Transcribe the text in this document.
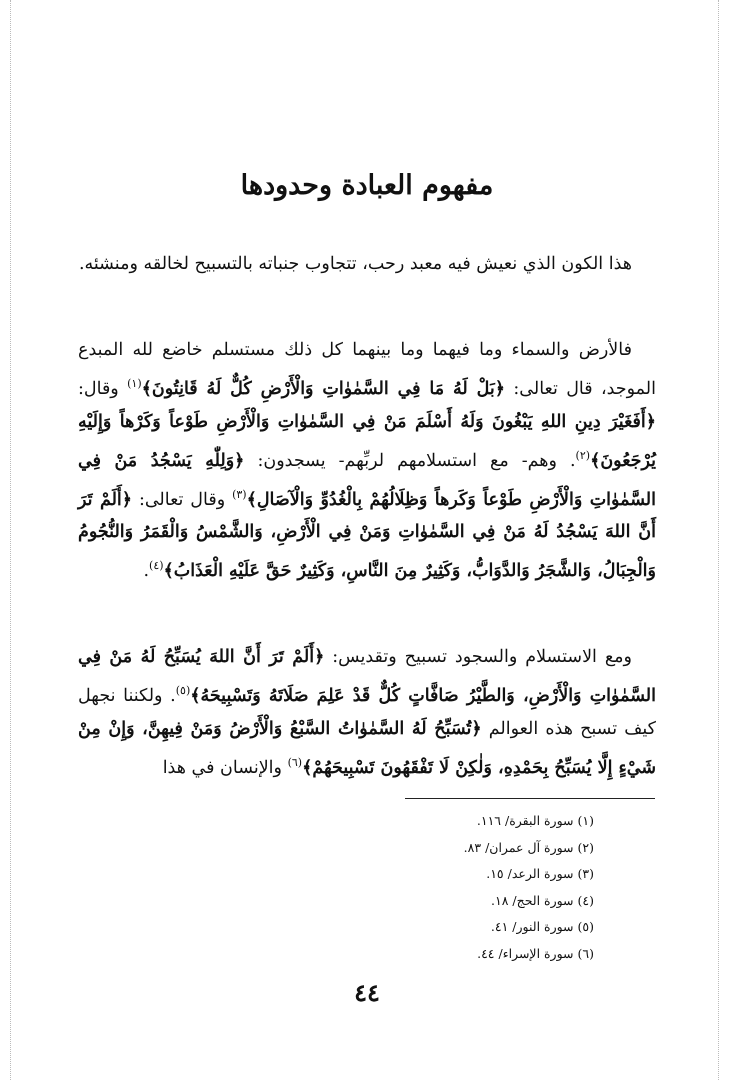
مفهوم العبادة وحدودها

هذا الكون الذي نعيش فيه معبد رحب، تتجاوب جنباته بالتسبيح لخالقه ومنشئه.

فالأرض والسماء وما فيهما وما بينهما كل ذلك مستسلم خاضع لله المبدع الموجد، قال تعالى: ﴿بَلْ لَهُ مَا فِي السَّمٰوٰاتِ وَالْأَرْضِ كُلٌّ لَهُ قَانِتُونَ﴾$^{(١)}$ وقال: ﴿أَفَغَيْرَ دِينِ اللهِ يَبْغُونَ وَلَهُ أَسْلَمَ مَنْ فِي السَّمٰوٰاتِ وَالْأَرْضِ طَوْعاً وَكَرْهاً وَإِلَيْهِ يُرْجَعُونَ﴾$^{(٢)}$. وهم- مع استسلامهم لربِّهم- يسجدون: ﴿وَلِلّٰهِ يَسْجُدُ مَنْ فِي السَّمٰوٰاتِ وَالْأَرْضِ طَوْعاً وَكَرهاً وَظِلَالُهُمْ بِالْغُدُوِّ وَالْآصَالِ﴾$^{(٣)}$ وقال تعالى: ﴿أَلَمْ تَرَ أَنَّ اللهَ يَسْجُدُ لَهُ مَنْ فِي السَّمٰوٰاتِ وَمَنْ فِي الْأَرْضِ، وَالشَّمْسُ وَالْقَمَرُ وَالنُّجُومُ وَالْجِبَالُ، وَالشَّجَرُ وَالدَّوَابُّ، وَكَثِيرٌ مِنَ النَّاسِ، وَكَثِيرٌ حَقَّ عَلَيْهِ الْعَذَابُ﴾$^{(٤)}$.

ومع الاستسلام والسجود تسبيح وتقديس: ﴿أَلَمْ تَرَ أَنَّ اللهَ يُسَبِّحُ لَهُ مَنْ فِي السَّمٰوٰاتِ وَالْأَرْضِ، وَالطَّيْرُ صَافَّاتٍ كُلٌّ قَدْ عَلِمَ صَلَاتَهُ وَتَسْبِيحَهُ﴾$^{(٥)}$. ولكننا نجهل كيف تسبح هذه العوالم ﴿تُسَبِّحُ لَهُ السَّمٰوٰاتُ السَّبْعُ وَالْأَرْضُ وَمَنْ فِيهِنَّ، وَإِنْ مِنْ شَيْءٍ إِلَّا يُسَبِّحُ بِحَمْدِهِ، وَلٰكِنْ لَا تَفْقَهُونَ تَسْبِيحَهُمْ﴾$^{(٦)}$ والإنسان في هذا

(١) سورة البقرة/ ١١٦.
(٢) سورة آل عمران/ ٨٣.
(٣) سورة الرعد/ ١٥.
(٤) سورة الحج/ ١٨.
(٥) سورة النور/ ٤١.
(٦) سورة الإسراء/ ٤٤.
٤٤
